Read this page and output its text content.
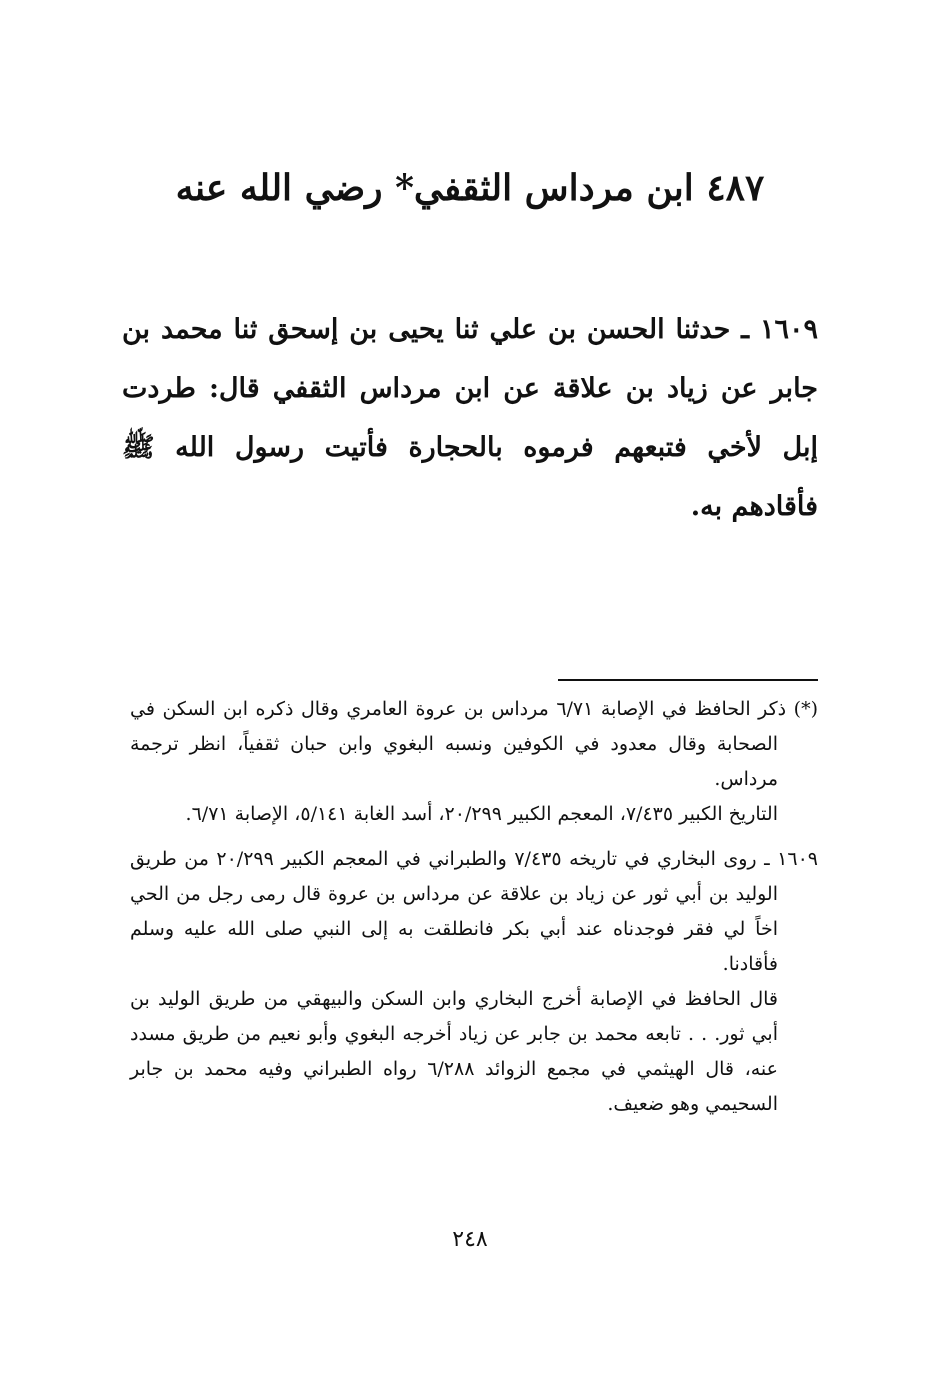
٤٨٧ ابن مرداس الثقفي* رضي الله عنه

١٦٠٩ ـ حدثنا الحسن بن علي ثنا يحيى بن إسحق ثنا محمد بن جابر عن زياد بن علاقة عن ابن مرداس الثقفي قال: طردت إبل لأخي فتبعهم فرموه بالحجارة فأتيت رسول الله ﷺ فأقادهم به.

(*) ذكر الحافظ في الإصابة ٦/٧١ مرداس بن عروة العامري وقال ذكره ابن السكن في الصحابة وقال معدود في الكوفين ونسبه البغوي وابن حبان ثقفياً، انظر ترجمة مرداس.

التاريخ الكبير ٧/٤٣٥، المعجم الكبير ٢٠/٢٩٩، أسد الغابة ٥/١٤١، الإصابة ٦/٧١.

١٦٠٩ ـ روى البخاري في تاريخه ٧/٤٣٥ والطبراني في المعجم الكبير ٢٠/٢٩٩ من طريق الوليد بن أبي ثور عن زياد بن علاقة عن مرداس بن عروة قال رمى رجل من الحي اخاً لي فقر فوجدناه عند أبي بكر فانطلقت به إلى النبي صلى الله عليه وسلم فأقادنا.

قال الحافظ في الإصابة أخرج البخاري وابن السكن والبيهقي من طريق الوليد بن أبي ثور. . . تابعه محمد بن جابر عن زياد أخرجه البغوي وأبو نعيم من طريق مسدد عنه، قال الهيثمي في مجمع الزوائد ٦/٢٨٨ رواه الطبراني وفيه محمد بن جابر السحيمي وهو ضعيف.

٢٤٨
